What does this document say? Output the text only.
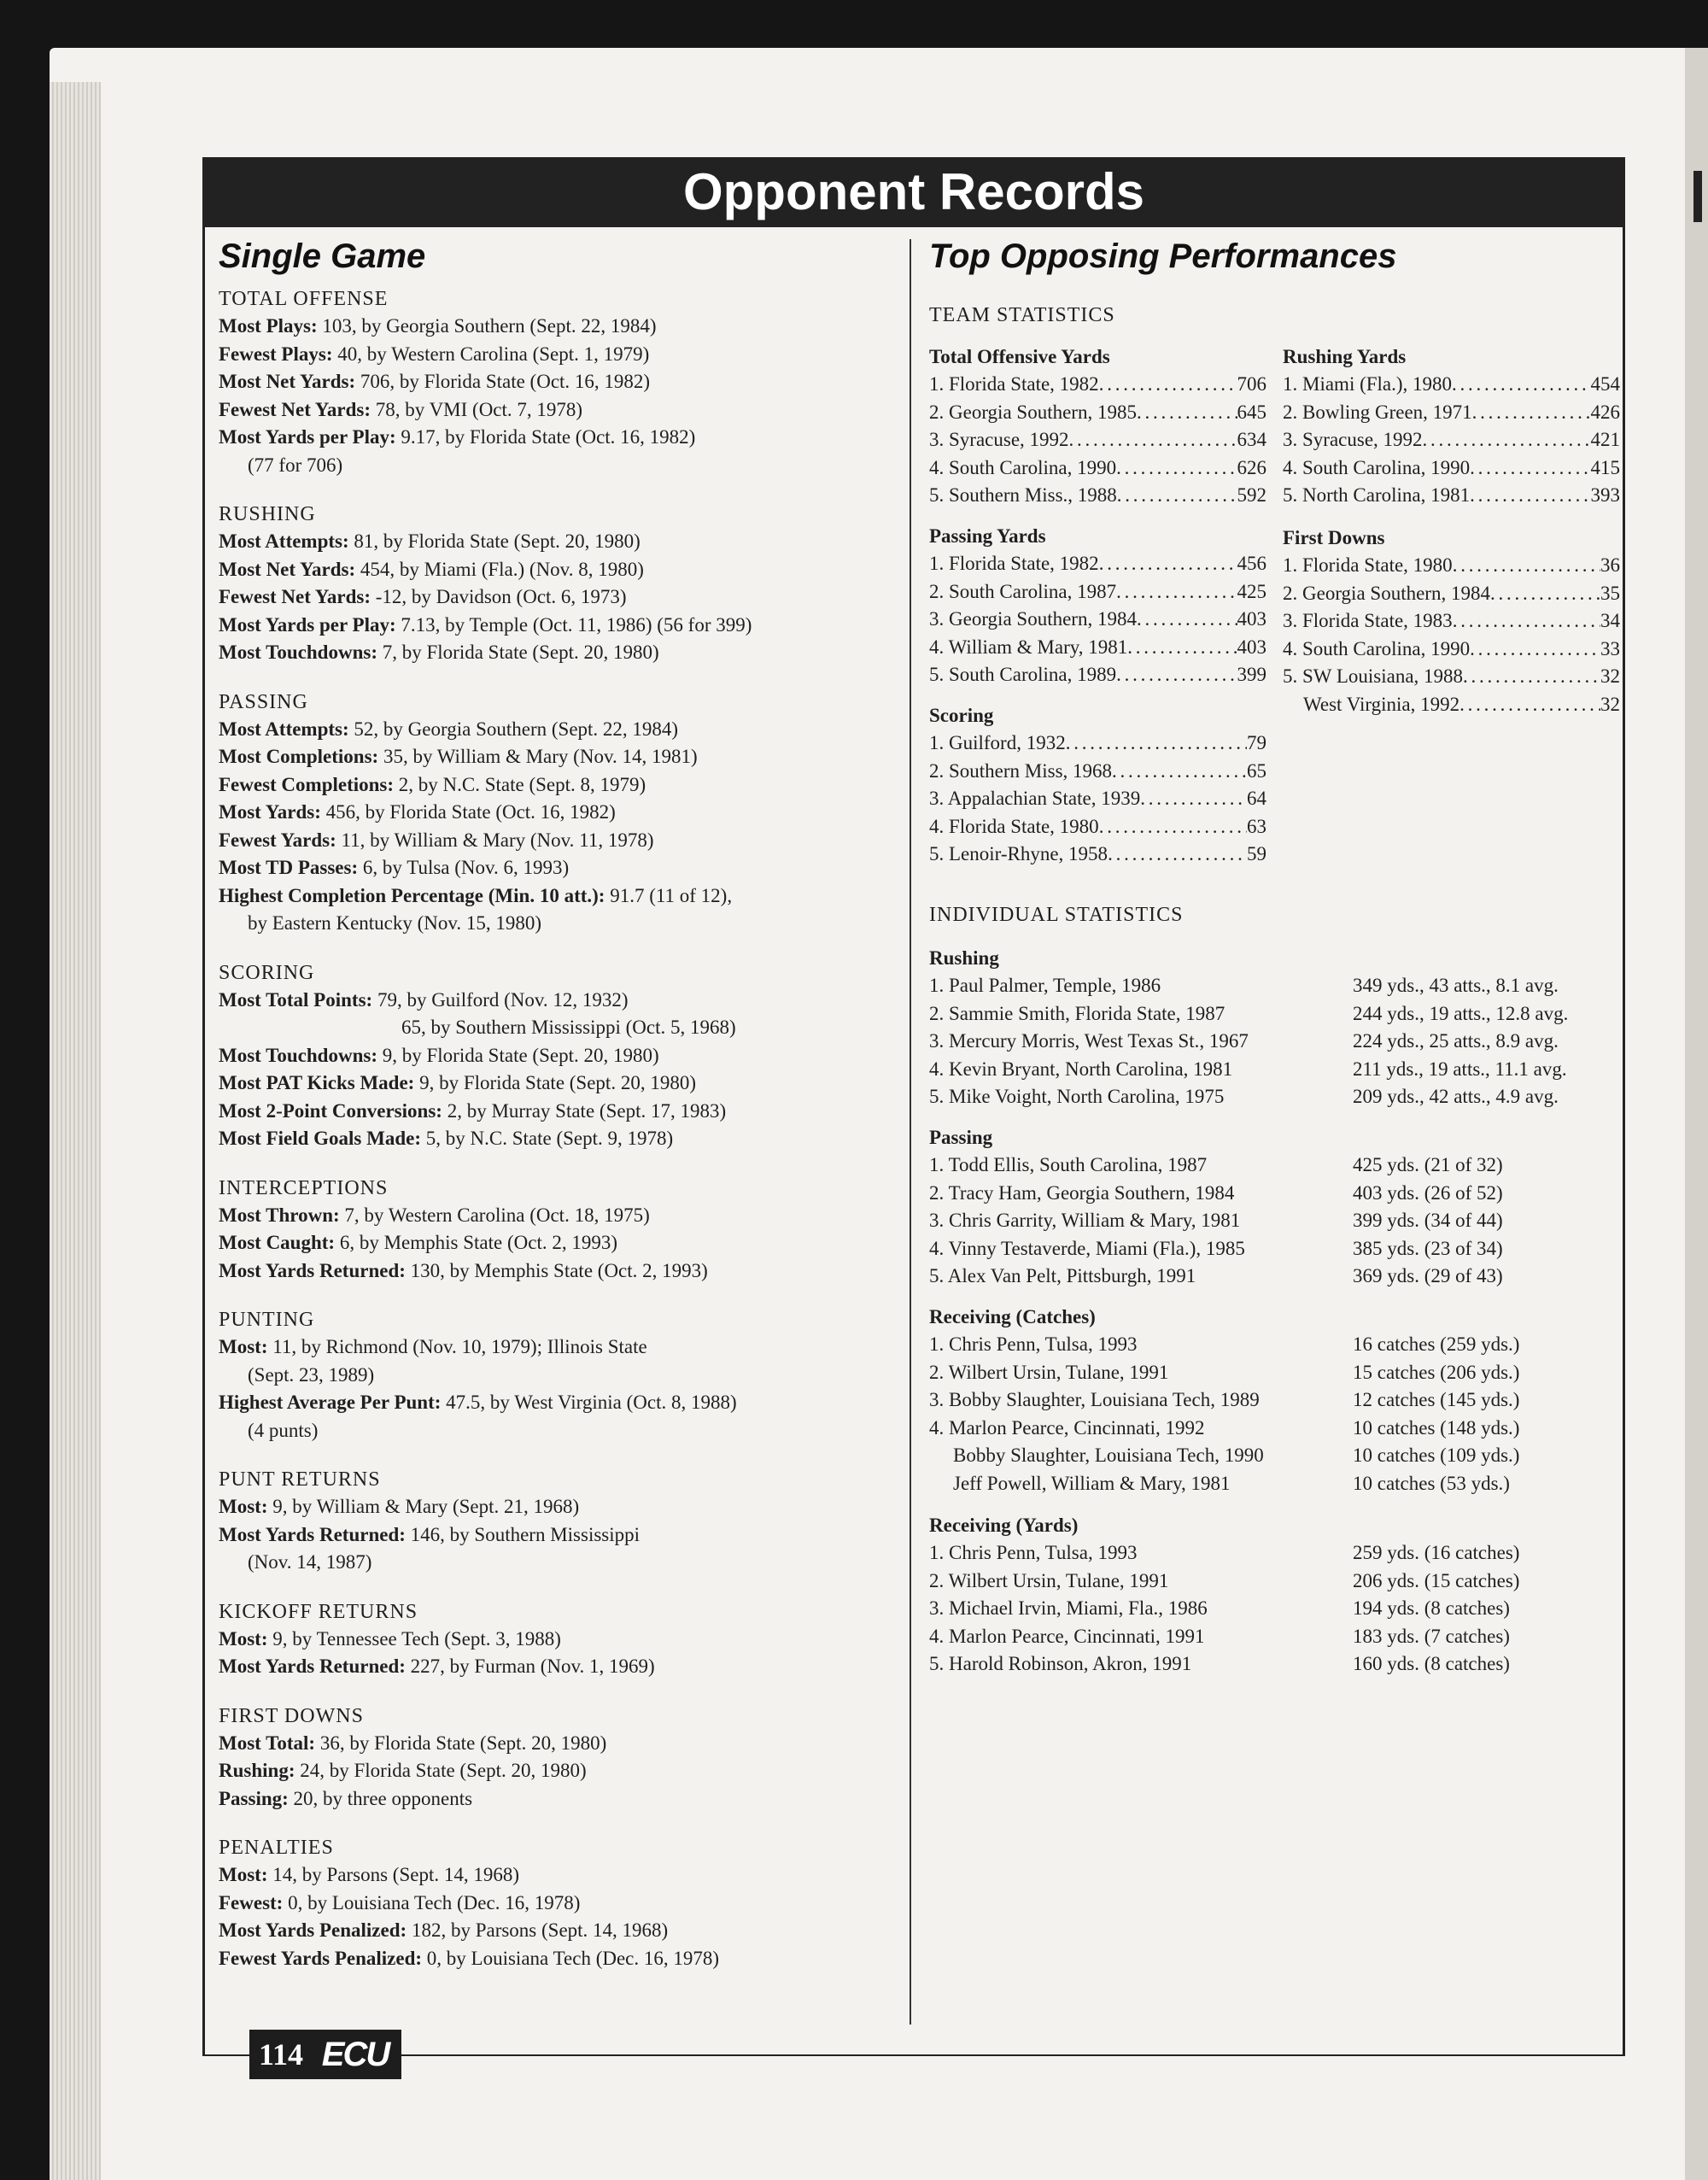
Opponent Records
Single Game
TOTAL OFFENSE
Most Plays: 103, by Georgia Southern (Sept. 22, 1984)
Fewest Plays: 40, by Western Carolina (Sept. 1, 1979)
Most Net Yards: 706, by Florida State (Oct. 16, 1982)
Fewest Net Yards: 78, by VMI (Oct. 7, 1978)
Most Yards per Play: 9.17, by Florida State (Oct. 16, 1982)
(77 for 706)
RUSHING
Most Attempts: 81, by Florida State (Sept. 20, 1980)
Most Net Yards: 454, by Miami (Fla.) (Nov. 8, 1980)
Fewest Net Yards: -12, by Davidson (Oct. 6, 1973)
Most Yards per Play: 7.13, by Temple (Oct. 11, 1986) (56 for 399)
Most Touchdowns: 7, by Florida State (Sept. 20, 1980)
PASSING
Most Attempts: 52, by Georgia Southern (Sept. 22, 1984)
Most Completions: 35, by William & Mary (Nov. 14, 1981)
Fewest Completions: 2, by N.C. State (Sept. 8, 1979)
Most Yards: 456, by Florida State (Oct. 16, 1982)
Fewest Yards: 11, by William & Mary (Nov. 11, 1978)
Most TD Passes: 6, by Tulsa (Nov. 6, 1993)
Highest Completion Percentage (Min. 10 att.): 91.7 (11 of 12),
by Eastern Kentucky (Nov. 15, 1980)
SCORING
Most Total Points: 79, by Guilford (Nov. 12, 1932)
65, by Southern Mississippi (Oct. 5, 1968)
Most Touchdowns: 9, by Florida State (Sept. 20, 1980)
Most PAT Kicks Made: 9, by Florida State (Sept. 20, 1980)
Most 2-Point Conversions: 2, by Murray State (Sept. 17, 1983)
Most Field Goals Made: 5, by N.C. State (Sept. 9, 1978)
INTERCEPTIONS
Most Thrown: 7, by Western Carolina (Oct. 18, 1975)
Most Caught: 6, by Memphis State (Oct. 2, 1993)
Most Yards Returned: 130, by Memphis State (Oct. 2, 1993)
PUNTING
Most: 11, by Richmond (Nov. 10, 1979); Illinois State
(Sept. 23, 1989)
Highest Average Per Punt: 47.5, by West Virginia (Oct. 8, 1988)
(4 punts)
PUNT RETURNS
Most: 9, by William & Mary (Sept. 21, 1968)
Most Yards Returned: 146, by Southern Mississippi
(Nov. 14, 1987)
KICKOFF RETURNS
Most: 9, by Tennessee Tech (Sept. 3, 1988)
Most Yards Returned: 227, by Furman (Nov. 1, 1969)
FIRST DOWNS
Most Total: 36, by Florida State (Sept. 20, 1980)
Rushing: 24, by Florida State (Sept. 20, 1980)
Passing: 20, by three opponents
PENALTIES
Most: 14, by Parsons (Sept. 14, 1968)
Fewest: 0, by Louisiana Tech (Dec. 16, 1978)
Most Yards Penalized: 182, by Parsons (Sept. 14, 1968)
Fewest Yards Penalized: 0, by Louisiana Tech (Dec. 16, 1978)
Top Opposing Performances
TEAM STATISTICS
Total Offensive Yards
1. Florida State, 1982 . . .	706
2. Georgia Southern, 1985 . . .	645
3. Syracuse, 1992 . . .	634
4. South Carolina, 1990 . . .	626
5. Southern Miss., 1988 . . .	592
Rushing Yards
1. Miami (Fla.), 1980 . . .	454
2. Bowling Green, 1971 . . .	426
3. Syracuse, 1992 . . .	421
4. South Carolina, 1990 . . .	415
5. North Carolina, 1981 . . .	393
Passing Yards
1. Florida State, 1982 . . .	456
2. South Carolina, 1987 . . .	425
3. Georgia Southern, 1984 . . .	403
4. William & Mary, 1981 . . .	403
5. South Carolina, 1989 . . .	399
First Downs
1. Florida State, 1980 . . .	36
2. Georgia Southern, 1984 . . .	35
3. Florida State, 1983 . . .	34
4. South Carolina, 1990 . . .	33
5. SW Louisiana, 1988 . . .	32
West Virginia, 1992 . . .	32
Scoring
1. Guilford, 1932 . . .	79
2. Southern Miss, 1968 . . .	65
3. Appalachian State, 1939 . . .	64
4. Florida State, 1980 . . .	63
5. Lenoir-Rhyne, 1958 . . .	59
INDIVIDUAL STATISTICS
Rushing
1. Paul Palmer, Temple, 1986	349 yds., 43 atts., 8.1 avg.
2. Sammie Smith, Florida State, 1987	244 yds., 19 atts., 12.8 avg.
3. Mercury Morris, West Texas St., 1967	224 yds., 25 atts., 8.9 avg.
4. Kevin Bryant, North Carolina, 1981	211 yds., 19 atts., 11.1 avg.
5. Mike Voight, North Carolina, 1975	209 yds., 42 atts., 4.9 avg.
Passing
1. Todd Ellis, South Carolina, 1987	425 yds. (21 of 32)
2. Tracy Ham, Georgia Southern, 1984	403 yds. (26 of 52)
3. Chris Garrity, William & Mary, 1981	399 yds. (34 of 44)
4. Vinny Testaverde, Miami (Fla.), 1985	385 yds. (23 of 34)
5. Alex Van Pelt, Pittsburgh, 1991	369 yds. (29 of 43)
Receiving (Catches)
1. Chris Penn, Tulsa, 1993	16 catches (259 yds.)
2. Wilbert Ursin, Tulane, 1991	15 catches (206 yds.)
3. Bobby Slaughter, Louisiana Tech, 1989	12 catches (145 yds.)
4. Marlon Pearce, Cincinnati, 1992	10 catches (148 yds.)
Bobby Slaughter, Louisiana Tech, 1990	10 catches (109 yds.)
Jeff Powell, William & Mary, 1981	10 catches (53 yds.)
Receiving (Yards)
1. Chris Penn, Tulsa, 1993	259 yds. (16 catches)
2. Wilbert Ursin, Tulane, 1991	206 yds. (15 catches)
3. Michael Irvin, Miami, Fla., 1986	194 yds. (8 catches)
4. Marlon Pearce, Cincinnati, 1991	183 yds. (7 catches)
5. Harold Robinson, Akron, 1991	160 yds. (8 catches)
114 ECU
